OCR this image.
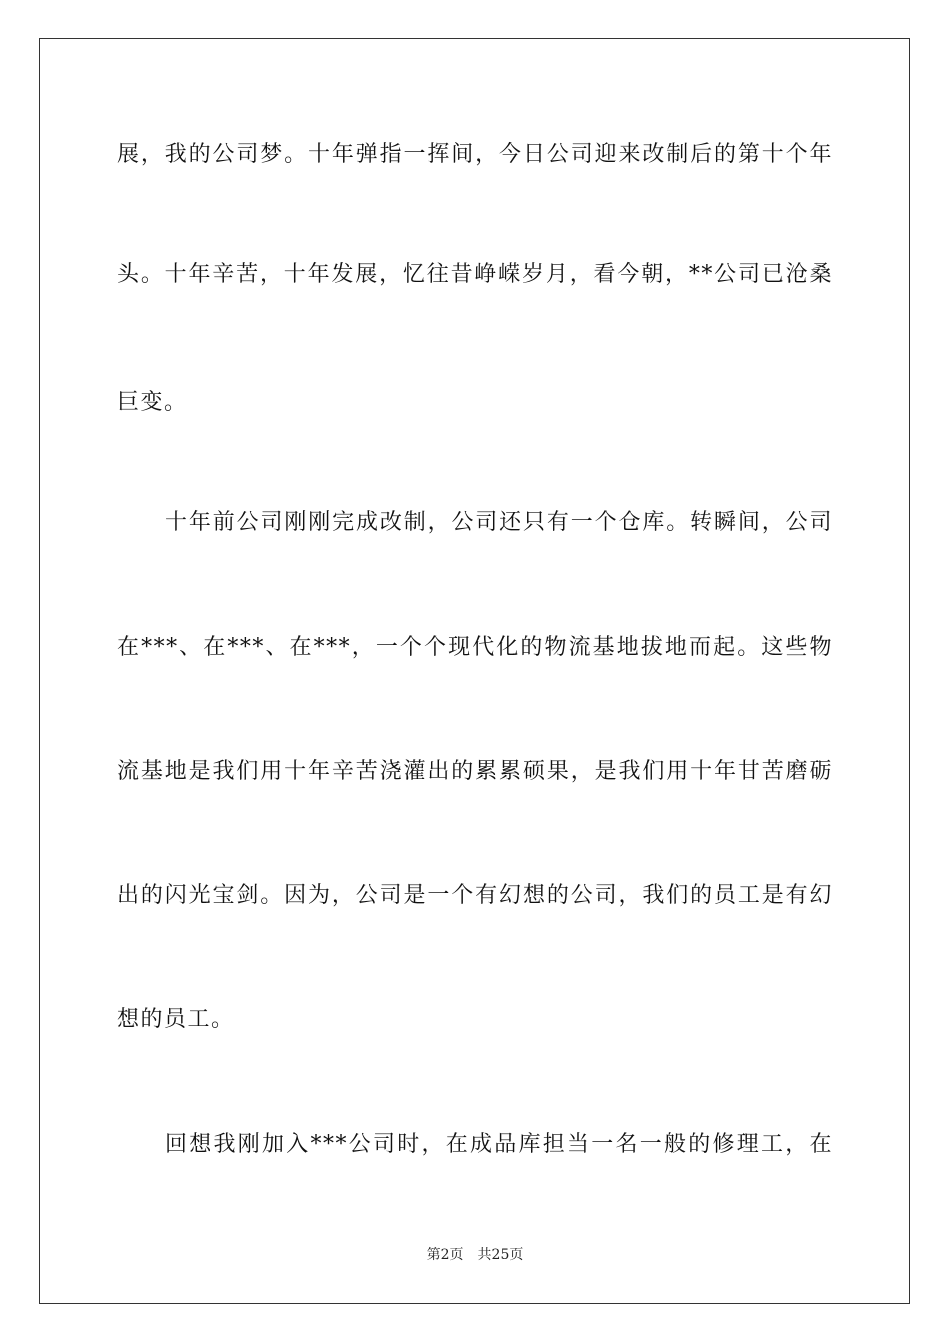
展，我的公司梦。十年弹指一挥间，今日公司迎来改制后的第十个年
头。十年辛苦，十年发展，忆往昔峥嵘岁月，看今朝，**公司已沧桑
巨变。
十年前公司刚刚完成改制，公司还只有一个仓库。转瞬间，公司
在***、在***、在***，一个个现代化的物流基地拔地而起。这些物
流基地是我们用十年辛苦浇灌出的累累硕果，是我们用十年甘苦磨砺
出的闪光宝剑。因为，公司是一个有幻想的公司，我们的员工是有幻
想的员工。
回想我刚加入***公司时，在成品库担当一名一般的修理工，在
第2页 共25页
